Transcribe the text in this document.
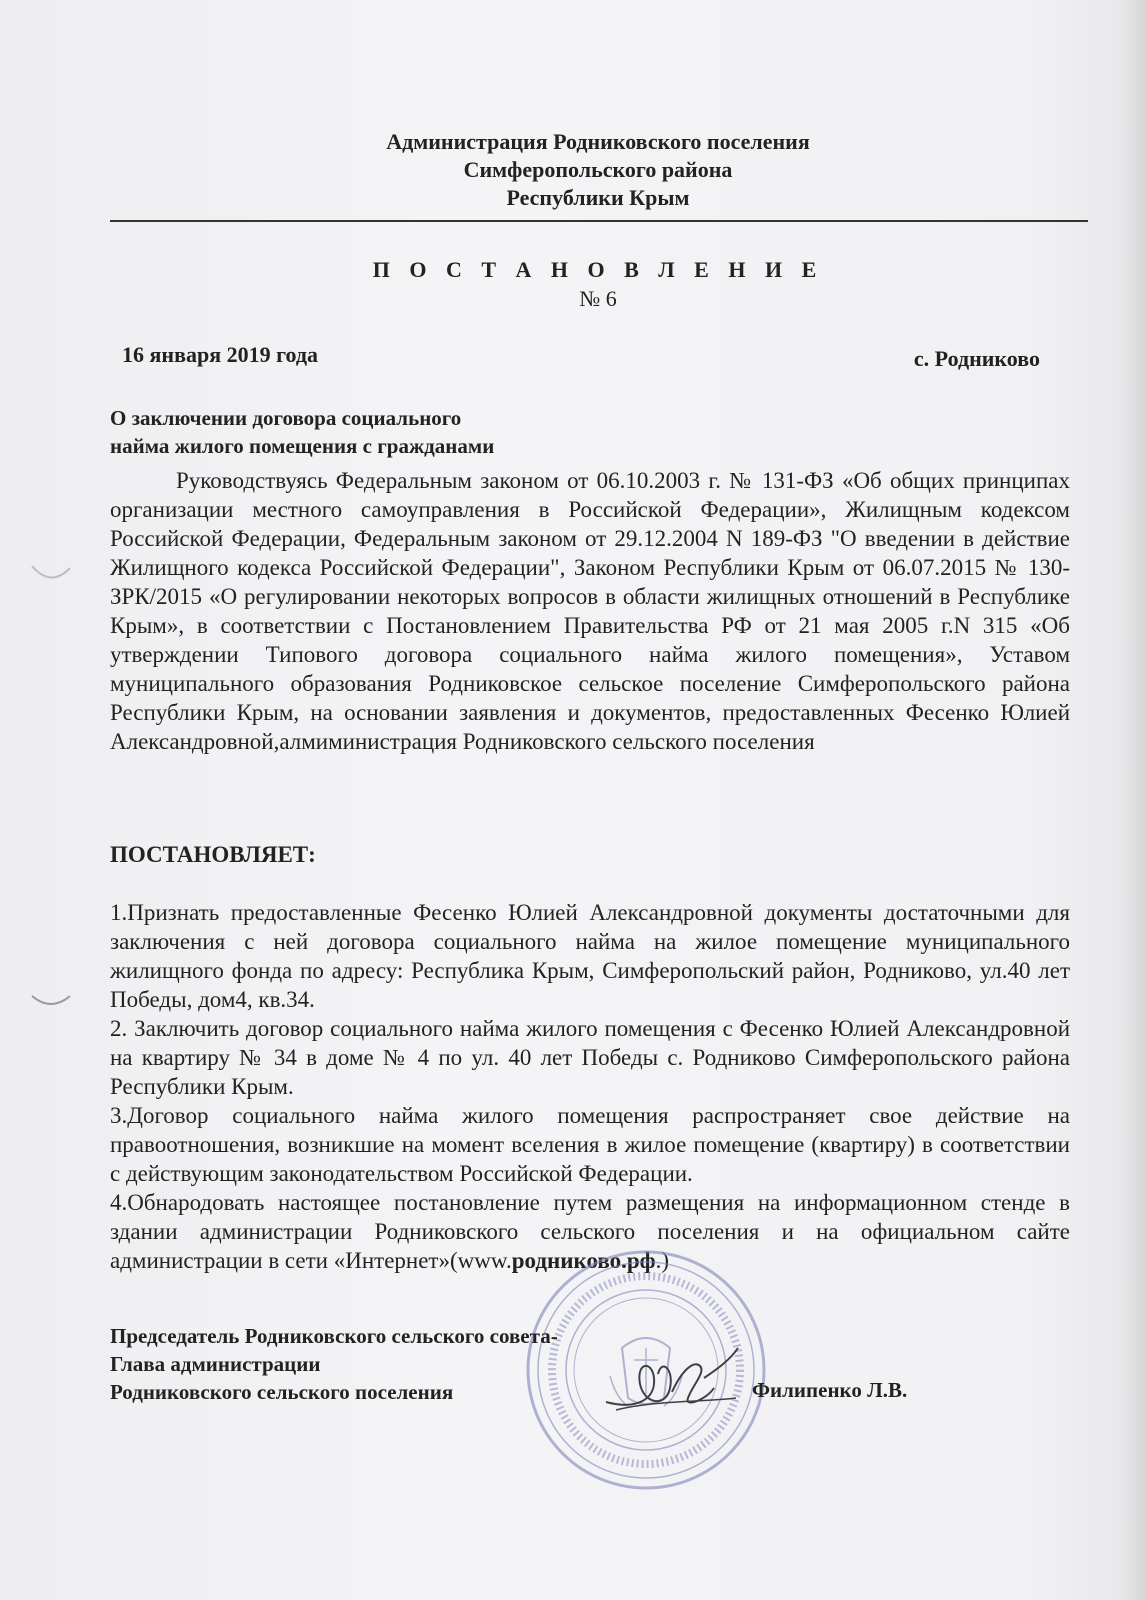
Администрация Родниковского поселения
Симферопольского района
Республики Крым
П О С Т А Н О В Л Е Н И Е
№ 6
16 января 2019 года	с. Родниково
О заключении договора социального
найма жилого помещения с гражданами
Руководствуясь Федеральным законом от 06.10.2003 г. № 131-ФЗ «Об общих принципах организации местного самоуправления в Российской Федерации», Жилищным кодексом Российской Федерации, Федеральным законом от 29.12.2004 N 189-ФЗ "О введении в действие Жилищного кодекса Российской Федерации", Законом Республики Крым от 06.07.2015 № 130-ЗРК/2015 «О регулировании некоторых вопросов в области жилищных отношений в Республике Крым», в соответствии с Постановлением Правительства РФ от 21 мая 2005 г.N 315 «Об утверждении Типового договора социального найма жилого помещения», Уставом муниципального образования Родниковское сельское поселение Симферопольского района Республики Крым, на основании заявления и документов, предоставленных Фесенко Юлией Александровной,алмиминистрация Родниковского сельского поселения
ПОСТАНОВЛЯЕТ:

1.Признать предоставленные Фесенко Юлией Александровной документы достаточными для заключения с ней договора социального найма на жилое помещение муниципального жилищного фонда по адресу: Республика Крым, Симферопольский район, Родниково, ул.40 лет Победы, дом4, кв.34.

2. Заключить договор социального найма жилого помещения с Фесенко Юлией Александровной на квартиру № 34 в доме № 4 по ул. 40 лет Победы с. Родниково Симферопольского района Республики Крым.

3.Договор социального найма жилого помещения распространяет свое действие на правоотношения, возникшие на момент вселения в жилое помещение (квартиру) в соответствии с действующим законодательством Российской Федерации.

4.Обнародовать настоящее постановление путем размещения на информационном стенде в здании администрации Родниковского сельского поселения и на официальном сайте администрации в сети «Интернет»(www.родниково.рф.)

Председатель Родниковского сельского совета-
Глава администрации
Родниковского сельского поселения	Филипенко Л.В.
